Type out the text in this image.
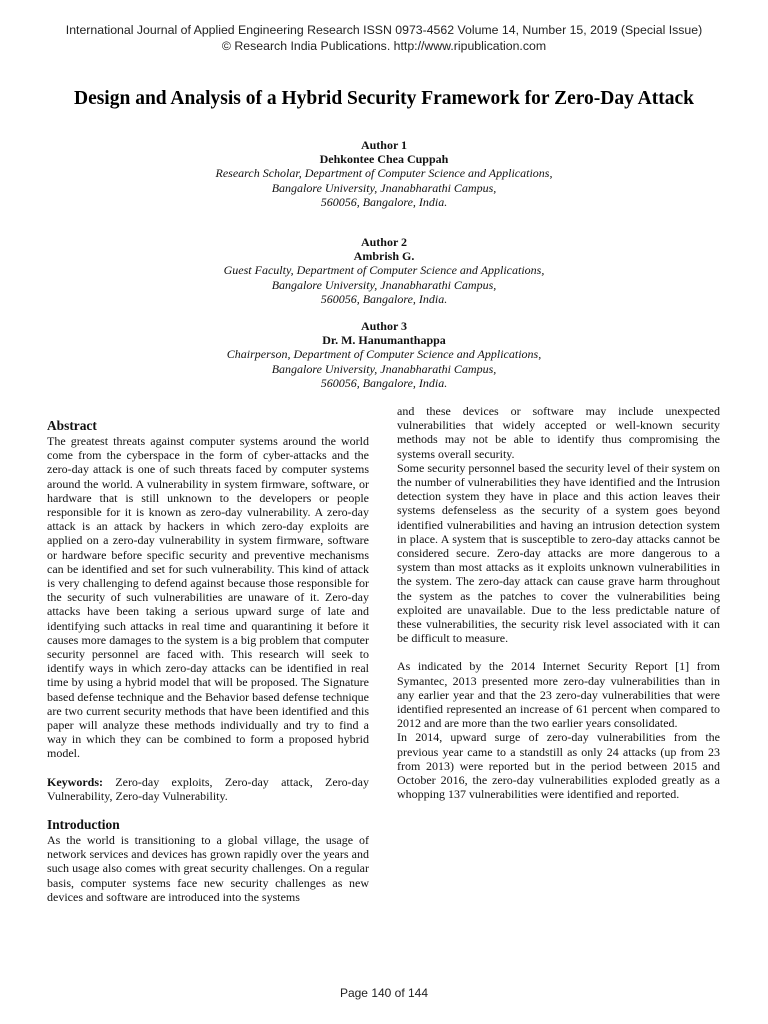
International Journal of Applied Engineering Research ISSN 0973-4562 Volume 14, Number 15, 2019 (Special Issue)
© Research India Publications. http://www.ripublication.com
Design and Analysis of a Hybrid Security Framework for Zero-Day Attack
Author 1
Dehkontee Chea Cuppah
Research Scholar, Department of Computer Science and Applications,
Bangalore University, Jnanabharathi Campus,
560056, Bangalore, India.
Author 2
Ambrish G.
Guest Faculty, Department of Computer Science and Applications,
Bangalore University, Jnanabharathi Campus,
560056, Bangalore, India.
Author 3
Dr. M. Hanumanthappa
Chairperson, Department of Computer Science and Applications,
Bangalore University, Jnanabharathi Campus,
560056, Bangalore, India.
Abstract

The greatest threats against computer systems around the world come from the cyberspace in the form of cyber-attacks and the zero-day attack is one of such threats faced by computer systems around the world. A vulnerability in system firmware, software, or hardware that is still unknown to the developers or people responsible for it is known as zero-day vulnerability. A zero-day attack is an attack by hackers in which zero-day exploits are applied on a zero-day vulnerability in system firmware, software or hardware before specific security and preventive mechanisms can be identified and set for such vulnerability. This kind of attack is very challenging to defend against because those responsible for the security of such vulnerabilities are unaware of it. Zero-day attacks have been taking a serious upward surge of late and identifying such attacks in real time and quarantining it before it causes more damages to the system is a big problem that computer security personnel are faced with. This research will seek to identify ways in which zero-day attacks can be identified in real time by using a hybrid model that will be proposed. The Signature based defense technique and the Behavior based defense technique are two current security methods that have been identified and this paper will analyze these methods individually and try to find a way in which they can be combined to form a proposed hybrid model.

Keywords: Zero-day exploits, Zero-day attack, Zero-day Vulnerability, Zero-day Vulnerability.

Introduction

As the world is transitioning to a global village, the usage of network services and devices has grown rapidly over the years and such usage also comes with great security challenges. On a regular basis, computer systems face new security challenges as new devices and software are introduced into the systems

and these devices or software may include unexpected vulnerabilities that widely accepted or well-known security methods may not be able to identify thus compromising the systems overall security.

Some security personnel based the security level of their system on the number of vulnerabilities they have identified and the Intrusion detection system they have in place and this action leaves their systems defenseless as the security of a system goes beyond identified vulnerabilities and having an intrusion detection system in place. A system that is susceptible to zero-day attacks cannot be considered secure. Zero-day attacks are more dangerous to a system than most attacks as it exploits unknown vulnerabilities in the system. The zero-day attack can cause grave harm throughout the system as the patches to cover the vulnerabilities being exploited are unavailable. Due to the less predictable nature of these vulnerabilities, the security risk level associated with it can be difficult to measure.

As indicated by the 2014 Internet Security Report [1] from Symantec, 2013 presented more zero-day vulnerabilities than in any earlier year and that the 23 zero-day vulnerabilities that were identified represented an increase of 61 percent when compared to 2012 and are more than the two earlier years consolidated.

In 2014, upward surge of zero-day vulnerabilities from the previous year came to a standstill as only 24 attacks (up from 23 from 2013) were reported but in the period between 2015 and October 2016, the zero-day vulnerabilities exploded greatly as a whopping 137 vulnerabilities were identified and reported.

Page 140 of 144
